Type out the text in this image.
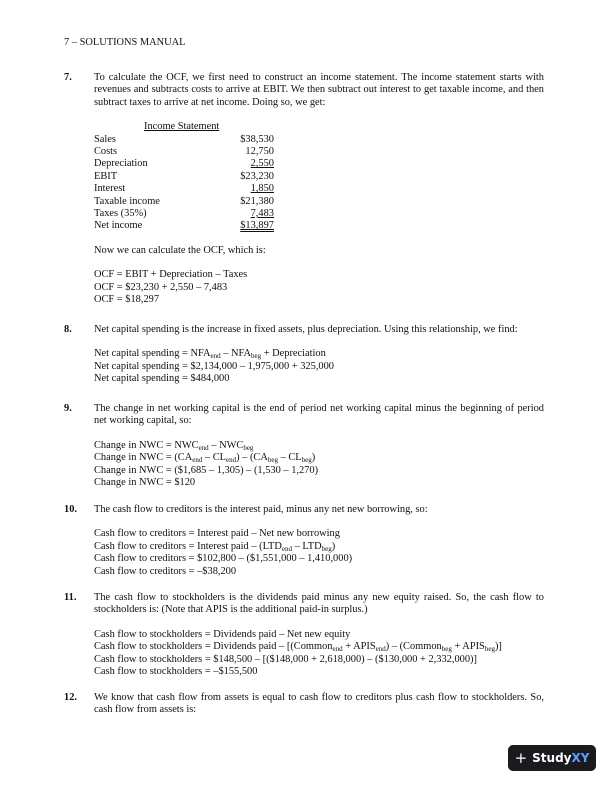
7 – SOLUTIONS MANUAL
7. To calculate the OCF, we first need to construct an income statement. The income statement starts with revenues and subtracts costs to arrive at EBIT. We then subtract out interest to get taxable income, and then subtract taxes to arrive at net income. Doing so, we get:
Income Statement
Sales	$38,530
Costs	12,750
Depreciation	2,550
EBIT	$23,230
Interest	1,850
Taxable income	$21,380
Taxes (35%)	7,483
Net income	$13,897
Now we can calculate the OCF, which is:
OCF = EBIT + Depreciation – Taxes
OCF = $23,230 + 2,550 – 7,483
OCF = $18,297
8. Net capital spending is the increase in fixed assets, plus depreciation. Using this relationship, we find:
Net capital spending = $NFA_{end} - NFA_{beg}$ + Depreciation
Net capital spending = $2,134,000 – 1,975,000 + 325,000
Net capital spending = $484,000
9. The change in net working capital is the end of period net working capital minus the beginning of period net working capital, so:
Change in NWC = $NWC_{end} - NWC_{beg}$
Change in NWC = $(CA_{end} - CL_{end}) - (CA_{beg} - CL_{beg})$
Change in NWC = ($1,685 – 1,305) – (1,530 – 1,270)
Change in NWC = $120
10. The cash flow to creditors is the interest paid, minus any net new borrowing, so:
Cash flow to creditors = Interest paid – Net new borrowing
Cash flow to creditors = Interest paid – $(LTD_{end} - LTD_{beg})$
Cash flow to creditors = $102,800 – ($1,551,000 – 1,410,000)
Cash flow to creditors = –$38,200
11. The cash flow to stockholders is the dividends paid minus any new equity raised. So, the cash flow to stockholders is: (Note that APIS is the additional paid-in surplus.)
Cash flow to stockholders = Dividends paid – Net new equity
Cash flow to stockholders = Dividends paid – [(Common$_{end}$ + $APIS_{end}$) – (Common$_{beg}$ + $APIS_{beg}$)]
Cash flow to stockholders = $148,500 – [($148,000 + 2,618,000) – ($130,000 + 2,332,000)]
Cash flow to stockholders = –$155,500
12. We know that cash flow from assets is equal to cash flow to creditors plus cash flow to stockholders. So, cash flow from assets is:
+ Study XY
